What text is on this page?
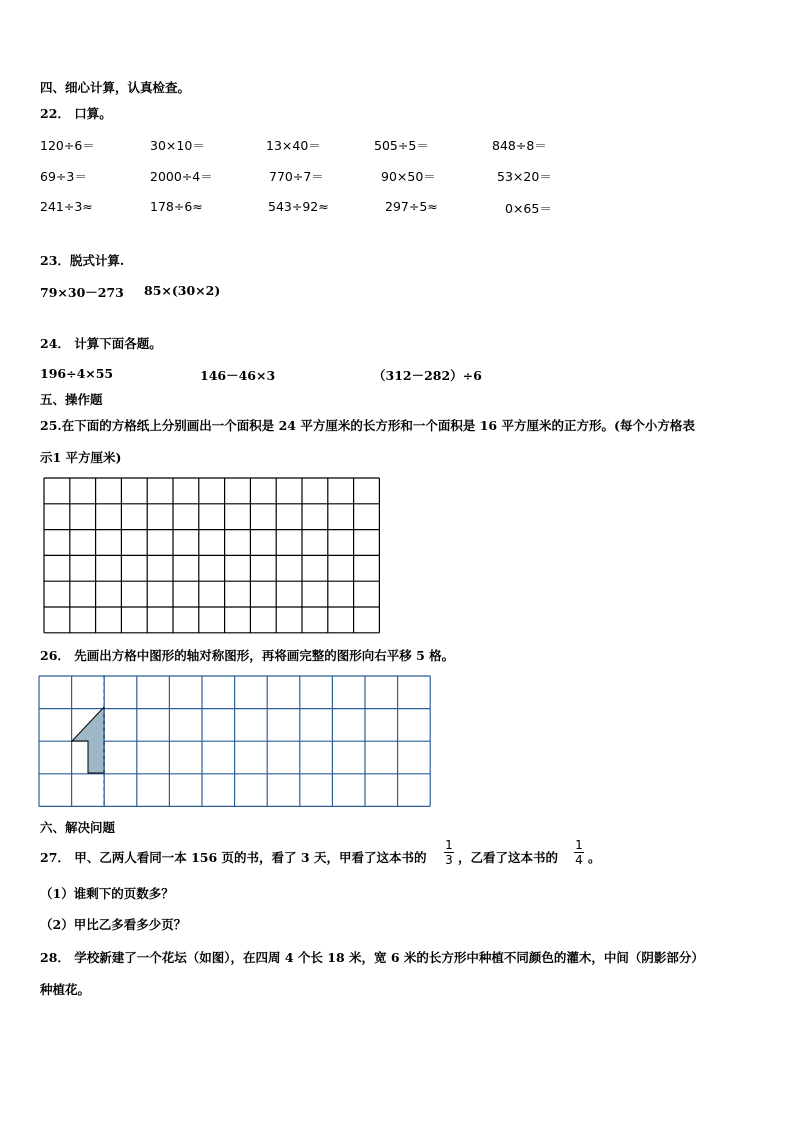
四、细心计算，认真检查。
22． 口算。
120÷6＝	30×10＝	13×40＝	505÷5＝	848÷8＝
69÷3＝	2000÷4＝	770÷7＝	90×50＝	53×20＝
241÷3≈	178÷6≈	543÷92≈	297÷5≈	0×65＝
23．脱式计算.
79×30－273 85×(30×2)
24． 计算下面各题。
196÷4×55	146－46×3	（312－282）÷6
五、操作题
25.在下面的方格纸上分别画出一个面积是 24 平方厘米的长方形和一个面积是 16 平方厘米的正方形。(每个小方格表
示1 平方厘米)
26． 先画出方格中图形的轴对称图形，再将画完整的图形向右平移 5 格。
六、解决问题
27． 甲、乙两人看同一本 156 页的书，看了 3 天，甲看了这本书的
1
3 ，乙看了这本书的
1
4 。
（1）谁剩下的页数多？
（2）甲比乙多看多少页？
28． 学校新建了一个花坛（如图），在四周 4 个长 18 米，宽 6 米的长方形中种植不同颜色的灌木，中间（阴影部分）
种植花。
